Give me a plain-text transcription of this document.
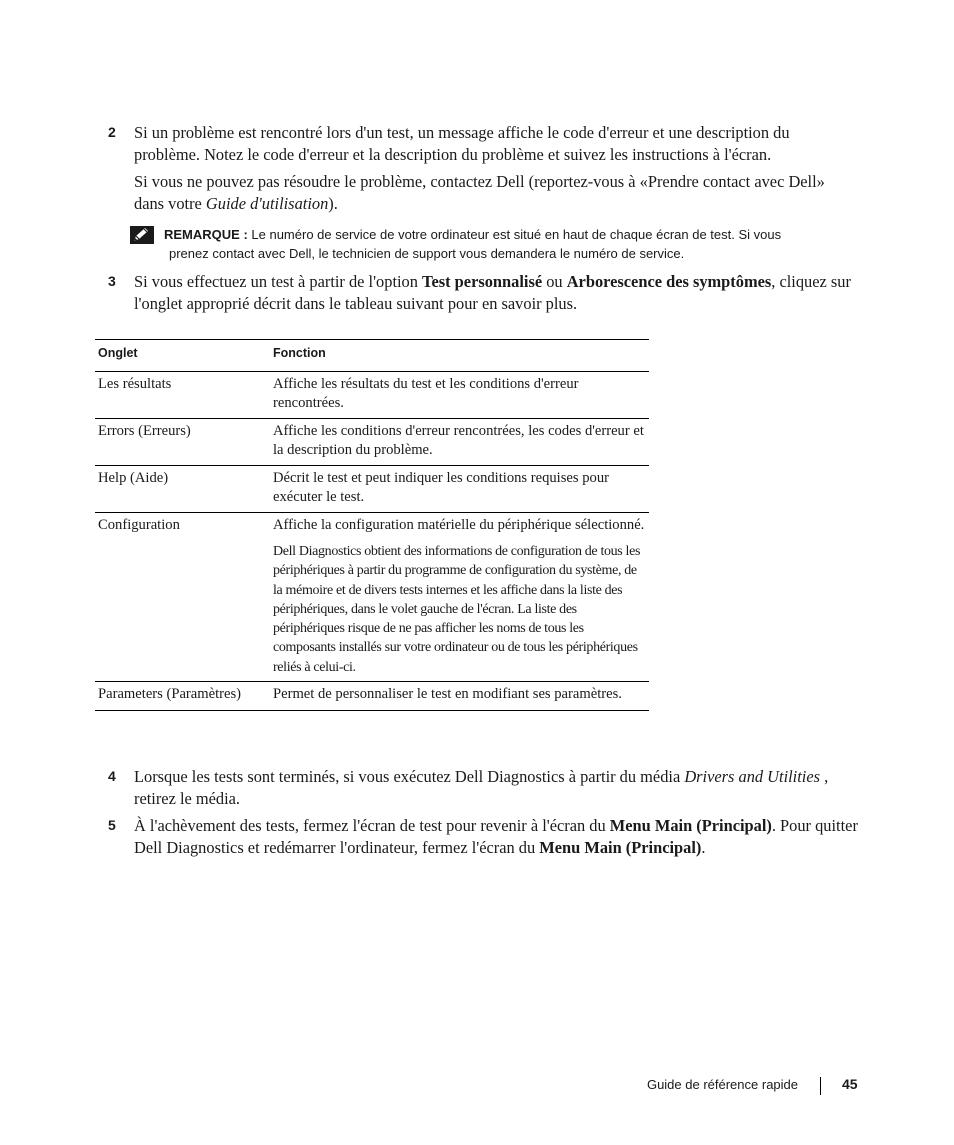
2 Si un problème est rencontré lors d'un test, un message affiche le code d'erreur et une description du problème. Notez le code d'erreur et la description du problème et suivez les instructions à l'écran.

Si vous ne pouvez pas résoudre le problème, contactez Dell (reportez-vous à «Prendre contact avec Dell» dans votre Guide d'utilisation).

REMARQUE : Le numéro de service de votre ordinateur est situé en haut de chaque écran de test. Si vous
prenez contact avec Dell, le technicien de support vous demandera le numéro de service.
3 Si vous effectuez un test à partir de l'option Test personnalisé ou Arborescence des symptômes, cliquez sur l'onglet approprié décrit dans le tableau suivant pour en savoir plus.

Onglet	Fonction
Les résultats	Affiche les résultats du test et les conditions d'erreur rencontrées.

Errors (Erreurs)	Affiche les conditions d'erreur rencontrées, les codes d'erreur et la description du problème.

Help (Aide)	Décrit le test et peut indiquer les conditions requises pour exécuter le test.

Configuration	Affiche la configuration matérielle du périphérique sélectionné.

Dell Diagnostics obtient des informations de configuration de tous les périphériques à partir du programme de configuration du système, de la mémoire et de divers tests internes et les affiche dans la liste des périphériques, dans le volet gauche de l'écran. La liste des périphériques risque de ne pas afficher les noms de tous les composants installés sur votre ordinateur ou de tous les périphériques reliés à celui-ci.

Parameters (Paramètres)	Permet de personnaliser le test en modifiant ses paramètres.

4 Lorsque les tests sont terminés, si vous exécutez Dell Diagnostics à partir du média Drivers and Utilities , retirez le média.

5 À l'achèvement des tests, fermez l'écran de test pour revenir à l'écran du Menu Main (Principal). Pour quitter Dell Diagnostics et redémarrer l'ordinateur, fermez l'écran du Menu Main (Principal).

Guide de référence rapide	45
